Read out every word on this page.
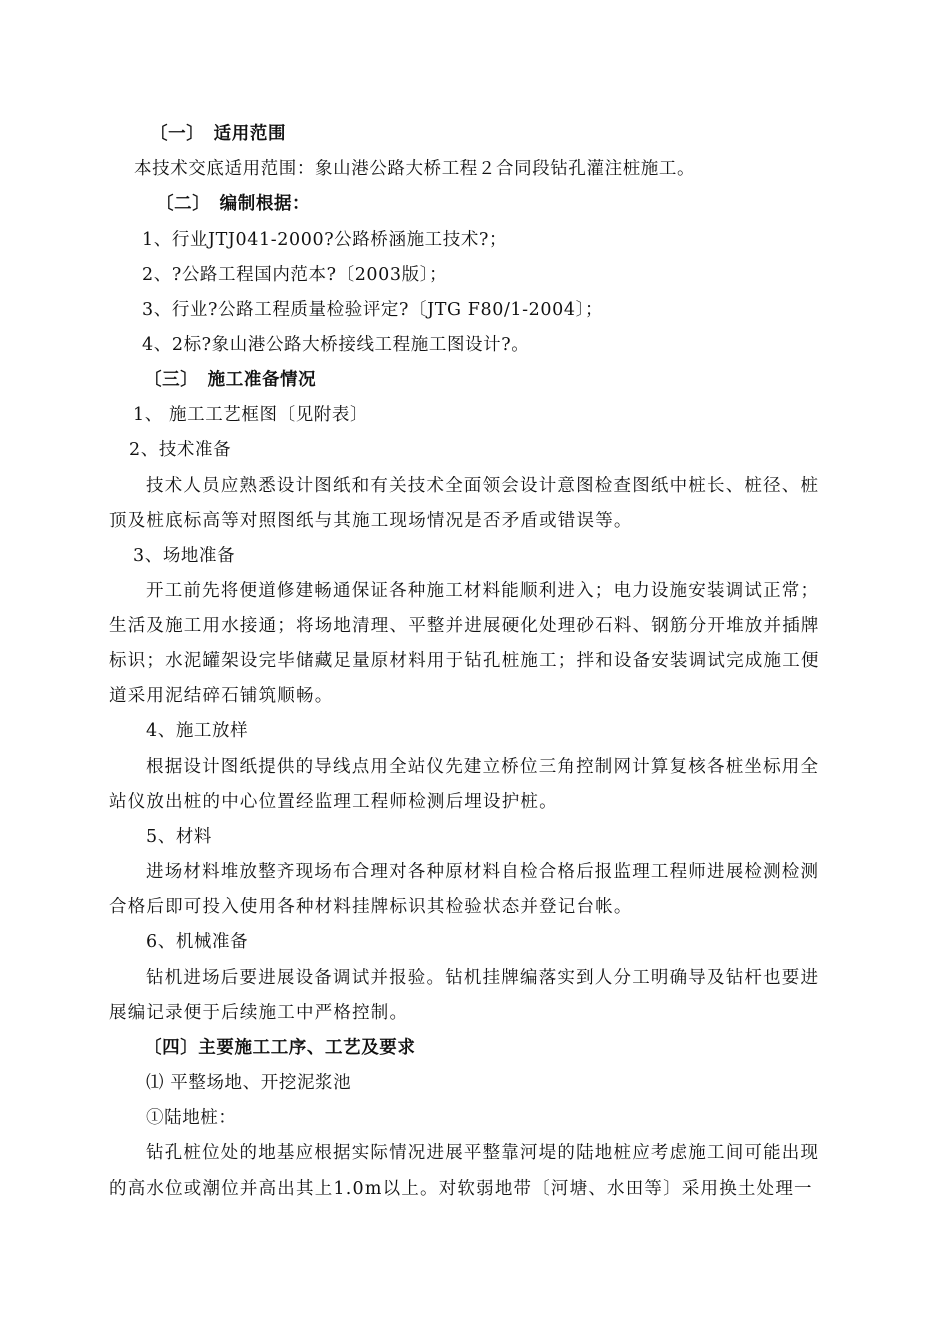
〔一〕　适用范围
本技术交底适用范围：象山港公路大桥工程２合同段钻孔灌注桩施工。
〔二〕　编制根据：
1、行业JTJ041-2000?公路桥涵施工技术?；
2、?公路工程国内范本?〔2003版〕；
3、行业?公路工程质量检验评定?〔JTG F80/1-2004〕；
4、2标?象山港公路大桥接线工程施工图设计?。
〔三〕　施工准备情况
1、 施工工艺框图〔见附表〕
2、技术准备
技术人员应熟悉设计图纸和有关技术全面领会设计意图检查图纸中桩长、桩径、桩
顶及桩底标高等对照图纸与其施工现场情况是否矛盾或错误等。
3、场地准备
开工前先将便道修建畅通保证各种施工材料能顺利进入；电力设施安装调试正常；
生活及施工用水接通；将场地清理、平整并进展硬化处理砂石料、钢筋分开堆放并插牌
标识；水泥罐架设完毕储藏足量原材料用于钻孔桩施工；拌和设备安装调试完成施工便
道采用泥结碎石铺筑顺畅。
4、施工放样
根据设计图纸提供的导线点用全站仪先建立桥位三角控制网计算复核各桩坐标用全
站仪放出桩的中心位置经监理工程师检测后埋设护桩。
5、材料
进场材料堆放整齐现场布合理对各种原材料自检合格后报监理工程师进展检测检测
合格后即可投入使用各种材料挂牌标识其检验状态并登记台帐。
6、机械准备
钻机进场后要进展设备调试并报验。钻机挂牌编落实到人分工明确导及钻杆也要进
展编记录便于后续施工中严格控制。
〔四〕主要施工工序、工艺及要求
⑴ 平整场地、开挖泥浆池
①陆地桩：
钻孔桩位处的地基应根据实际情况进展平整靠河堤的陆地桩应考虑施工间可能出现
的高水位或潮位并高出其上1.0m以上。对软弱地带〔河塘、水田等〕采用换土处理一
